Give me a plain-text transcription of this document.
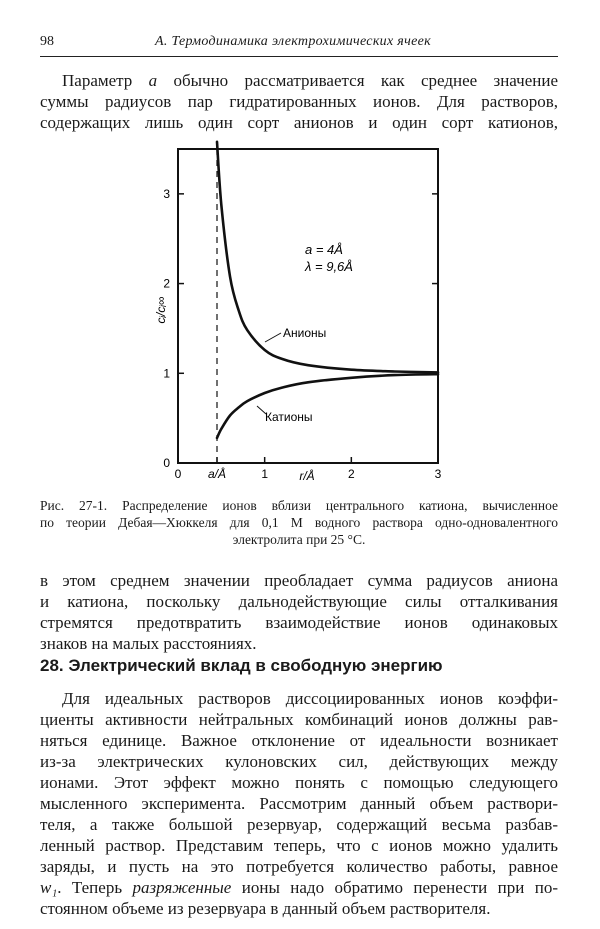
98	А. Термодинамика электрохимических ячеек
Параметр a обычно рассматривается как среднее значение
суммы радиусов пар гидратированных ионов. Для растворов,
содержащих лишь один сорт анионов и один сорт катионов,
0 a/Å	1	2	3
0
1
2
3
a = 4Å
λ = 9,6Å
Анионы
Катионы
cᵢ/cᵢ∞
r/Å
Рис. 27-1. Распределение ионов вблизи центрального катиона, вычисленное
по теории Дебая—Хюккеля для 0,1 М водного раствора одно-одновалентного
электролита при 25 °С.
в этом среднем значении преобладает сумма радиусов аниона
и катиона, поскольку дальнодействующие силы отталкивания
стремятся предотвратить взаимодействие ионов одинаковых
знаков на малых расстояниях.
28. Электрический вклад в свободную энергию
Для идеальных растворов диссоциированных ионов коэффи-
циенты активности нейтральных комбинаций ионов должны рав-
няться единице. Важное отклонение от идеальности возникает
из-за электрических кулоновских сил, действующих между
ионами. Этот эффект можно понять с помощью следующего
мысленного эксперимента. Рассмотрим данный объем раствори-
теля, а также большой резервуар, содержащий весьма разбав-
ленный раствор. Представим теперь, что с ионов можно удалить
заряды, и пусть на это потребуется количество работы, равное
w₁. Теперь разряженные ионы надо обратимо перенести при по-
стоянном объеме из резервуара в данный объем растворителя.
